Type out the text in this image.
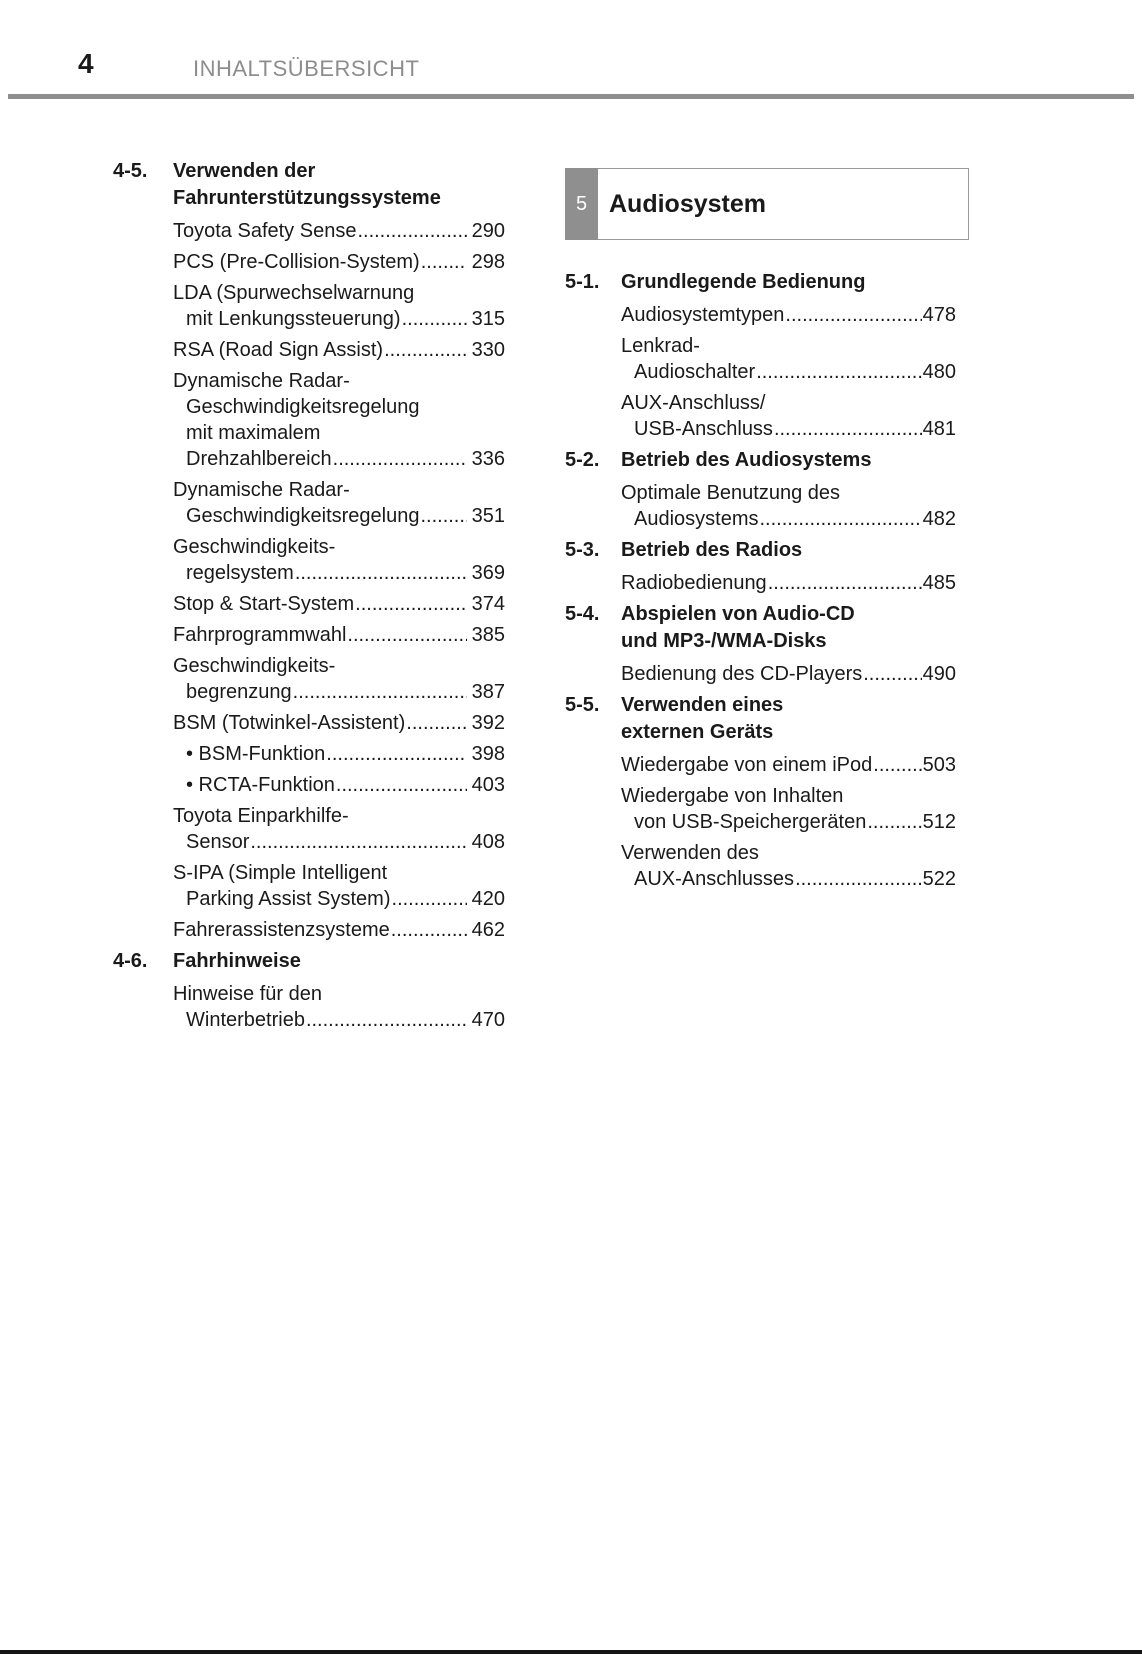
4	INHALTSÜBERSICHT
4-5.	Verwenden der
Fahrunterstützungssysteme
Toyota Safety Sense .....	290
PCS (Pre-Collision-System) .....	298
LDA (Spurwechselwarnung
mit Lenkungssteuerung) .....	315
RSA (Road Sign Assist) .....	330
Dynamische Radar-
Geschwindigkeitsregelung
mit maximalem
Drehzahlbereich .....	336
Dynamische Radar-
Geschwindigkeitsregelung .....	351
Geschwindigkeits-
regelsystem .....	369
Stop & Start-System .....	374
Fahrprogrammwahl .....	385
Geschwindigkeits-
begrenzung .....	387
BSM (Totwinkel-Assistent) .....	392
• BSM-Funktion .....	398
• RCTA-Funktion .....	403
Toyota Einparkhilfe-
Sensor .....	408
S-IPA (Simple Intelligent
Parking Assist System) .....	420
Fahrerassistenzsysteme .....	462
4-6.	Fahrhinweise
Hinweise für den
Winterbetrieb .....	470
5 Audiosystem
5-1.	Grundlegende Bedienung
Audiosystemtypen .....	478
Lenkrad-
Audioschalter .....	480
AUX-Anschluss/
USB-Anschluss .....	481
5-2.	Betrieb des Audiosystems
Optimale Benutzung des
Audiosystems .....	482
5-3.	Betrieb des Radios
Radiobedienung .....	485
5-4.	Abspielen von Audio-CD
und MP3-/WMA-Disks
Bedienung des CD-Players .....	490
5-5.	Verwenden eines
externen Geräts
Wiedergabe von einem iPod .....	503
Wiedergabe von Inhalten
von USB-Speichergeräten .....	512
Verwenden des
AUX-Anschlusses .....	522
